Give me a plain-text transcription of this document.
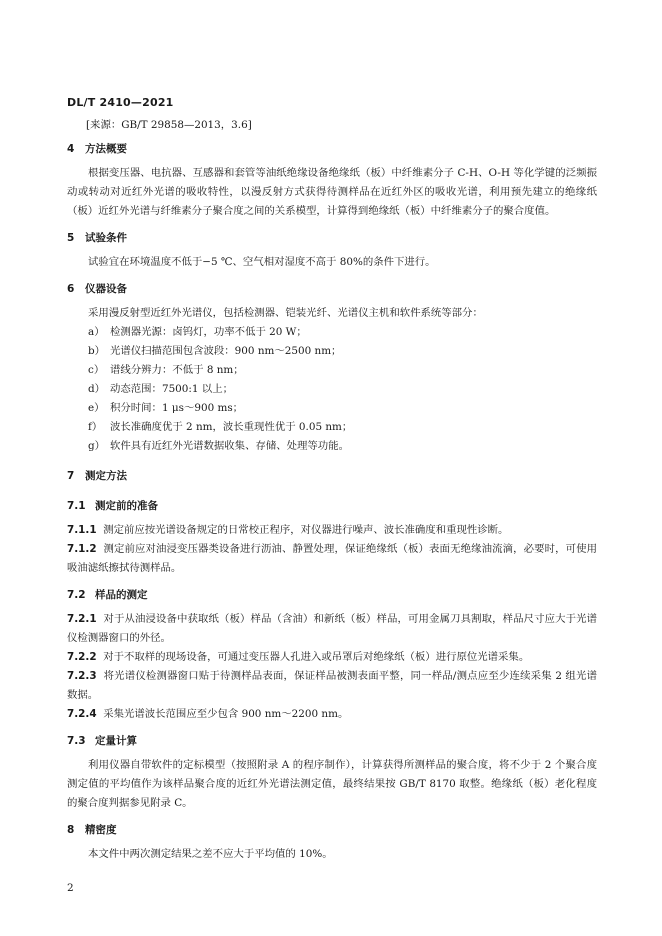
DL/T 2410—2021
[来源：GB/T 29858—2013，3.6]
4 方法概要
根据变压器、电抗器、互感器和套管等油纸绝缘设备绝缘纸（板）中纤维素分子 C-H、O-H 等化学键的泛频振动或转动对近红外光谱的吸收特性，以漫反射方式获得待测样品在近红外区的吸收光谱，利用预先建立的绝缘纸（板）近红外光谱与纤维素分子聚合度之间的关系模型，计算得到绝缘纸（板）中纤维素分子的聚合度值。
5 试验条件
试验宜在环境温度不低于−5 ℃、空气相对湿度不高于 80%的条件下进行。
6 仪器设备
采用漫反射型近红外光谱仪，包括检测器、铠装光纤、光谱仪主机和软件系统等部分：
a） 检测器光源：卤钨灯，功率不低于 20 W；
b） 光谱仪扫描范围包含波段：900 nm～2500 nm；
c） 谱线分辨力：不低于 8 nm；
d） 动态范围：7500:1 以上；
e） 积分时间：1 μs～900 ms；
f） 波长准确度优于 2 nm，波长重现性优于 0.05 nm；
g） 软件具有近红外光谱数据收集、存储、处理等功能。
7 测定方法
7.1 测定前的准备
7.1.1 测定前应按光谱设备规定的日常校正程序，对仪器进行噪声、波长准确度和重现性诊断。
7.1.2 测定前应对油浸变压器类设备进行沥油、静置处理，保证绝缘纸（板）表面无绝缘油流滴，必要时，可使用吸油滤纸擦拭待测样品。
7.2 样品的测定
7.2.1 对于从油浸设备中获取纸（板）样品（含油）和新纸（板）样品，可用金属刀具割取，样品尺寸应大于光谱仪检测器窗口的外径。
7.2.2 对于不取样的现场设备，可通过变压器人孔进入或吊罩后对绝缘纸（板）进行原位光谱采集。
7.2.3 将光谱仪检测器窗口贴于待测样品表面，保证样品被测表面平整，同一样品/测点应至少连续采集 2 组光谱数据。
7.2.4 采集光谱波长范围应至少包含 900 nm～2200 nm。
7.3 定量计算
利用仪器自带软件的定标模型（按照附录 A 的程序制作），计算获得所测样品的聚合度，将不少于 2 个聚合度测定值的平均值作为该样品聚合度的近红外光谱法测定值，最终结果按 GB/T 8170 取整。绝缘纸（板）老化程度的聚合度判据参见附录 C。
8 精密度
本文件中两次测定结果之差不应大于平均值的 10%。
2
